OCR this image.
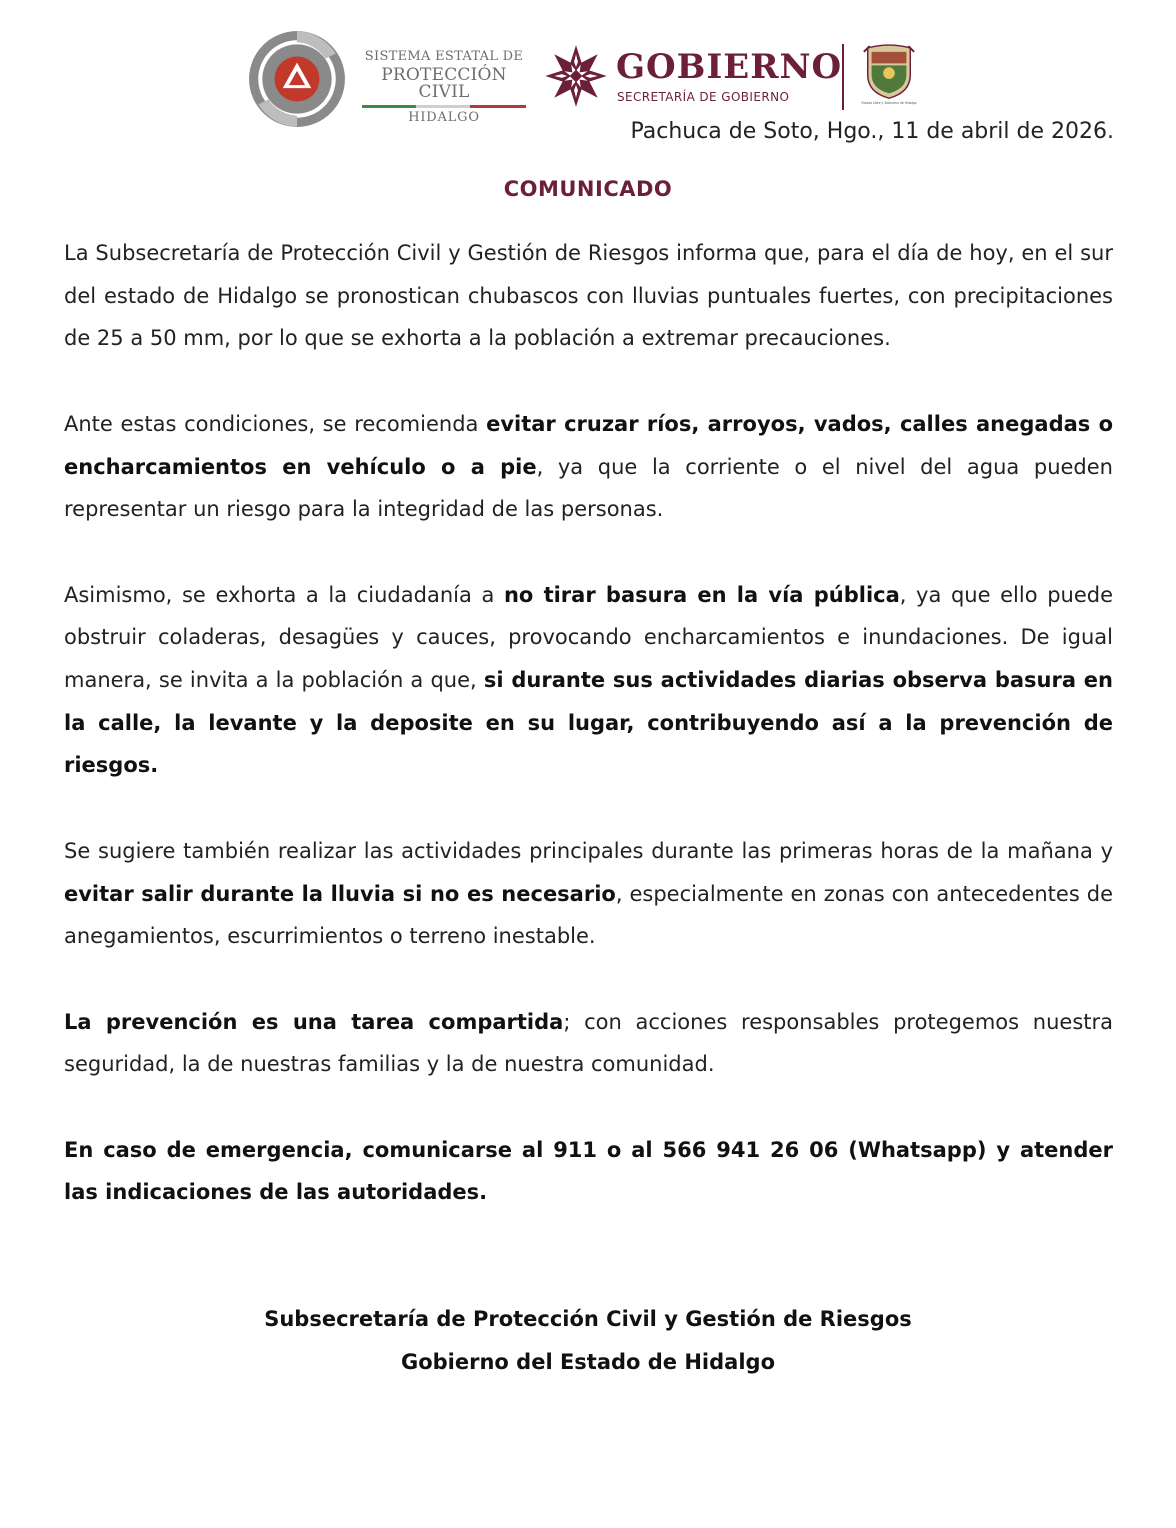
SISTEMA ESTATAL DE
PROTECCIÓN CIVIL
HIDALGO
GOBIERNO
SECRETARÍA DE GOBIERNO	Estado Libre y Soberano de Hidalgo
Pachuca de Soto, Hgo., 11 de abril de 2026.
COMUNICADO

La Subsecretaría de Protección Civil y Gestión de Riesgos informa que, para el día de hoy, en el sur del estado de Hidalgo se pronostican chubascos con lluvias puntuales fuertes, con precipitaciones de 25 a 50 mm, por lo que se exhorta a la población a extremar precauciones.

Ante estas condiciones, se recomienda evitar cruzar ríos, arroyos, vados, calles anegadas o encharcamientos en vehículo o a pie, ya que la corriente o el nivel del agua pueden representar un riesgo para la integridad de las personas.

Asimismo, se exhorta a la ciudadanía a no tirar basura en la vía pública, ya que ello puede obstruir coladeras, desagües y cauces, provocando encharcamientos e inundaciones. De igual manera, se invita a la población a que, si durante sus actividades diarias observa basura en la calle, la levante y la deposite en su lugar, contribuyendo así a la prevención de riesgos.

Se sugiere también realizar las actividades principales durante las primeras horas de la mañana y evitar salir durante la lluvia si no es necesario, especialmente en zonas con antecedentes de anegamientos, escurrimientos o terreno inestable.

La prevención es una tarea compartida; con acciones responsables protegemos nuestra seguridad, la de nuestras familias y la de nuestra comunidad.

En caso de emergencia, comunicarse al 911 o al 566 941 26 06 (Whatsapp) y atender las indicaciones de las autoridades.

Subsecretaría de Protección Civil y Gestión de Riesgos
Gobierno del Estado de Hidalgo
